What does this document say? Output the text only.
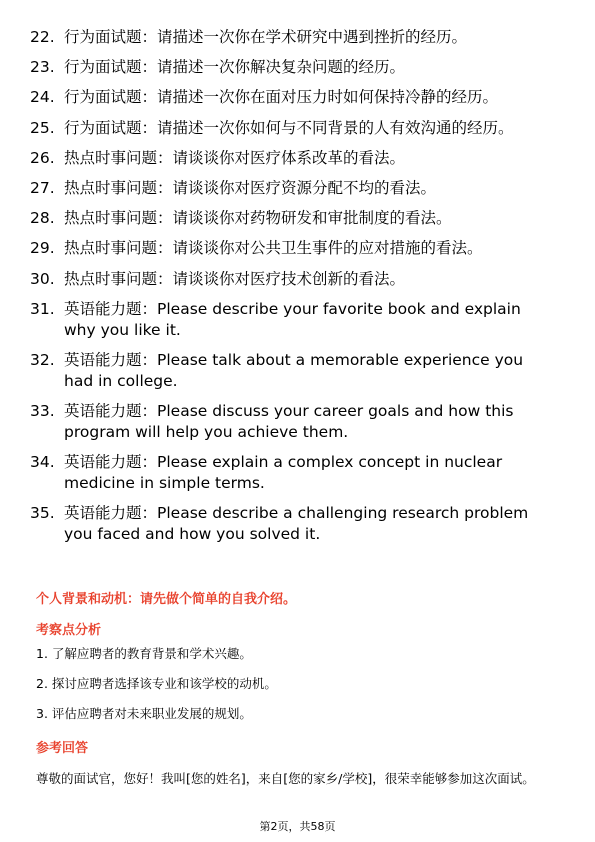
22. 行为面试题：请描述一次你在学术研究中遇到挫折的经历。
23. 行为面试题：请描述一次你解决复杂问题的经历。
24. 行为面试题：请描述一次你在面对压力时如何保持冷静的经历。
25. 行为面试题：请描述一次你如何与不同背景的人有效沟通的经历。
26. 热点时事问题：请谈谈你对医疗体系改革的看法。
27. 热点时事问题：请谈谈你对医疗资源分配不均的看法。
28. 热点时事问题：请谈谈你对药物研发和审批制度的看法。
29. 热点时事问题：请谈谈你对公共卫生事件的应对措施的看法。
30. 热点时事问题：请谈谈你对医疗技术创新的看法。
31. 英语能力题：Please describe your favorite book and explain why you like it.
32. 英语能力题：Please talk about a memorable experience you had in college.
33. 英语能力题：Please discuss your career goals and how this program will help you achieve them.
34. 英语能力题：Please explain a complex concept in nuclear medicine in simple terms.
35. 英语能力题：Please describe a challenging research problem you faced and how you solved it.
个人背景和动机：请先做个简单的自我介绍。
考察点分析
1. 了解应聘者的教育背景和学术兴趣。
2. 探讨应聘者选择该专业和该学校的动机。
3. 评估应聘者对未来职业发展的规划。
参考回答
尊敬的面试官，您好！我叫[您的姓名]，来自[您的家乡/学校]，很荣幸能够参加这次面试。
第2页，共58页
